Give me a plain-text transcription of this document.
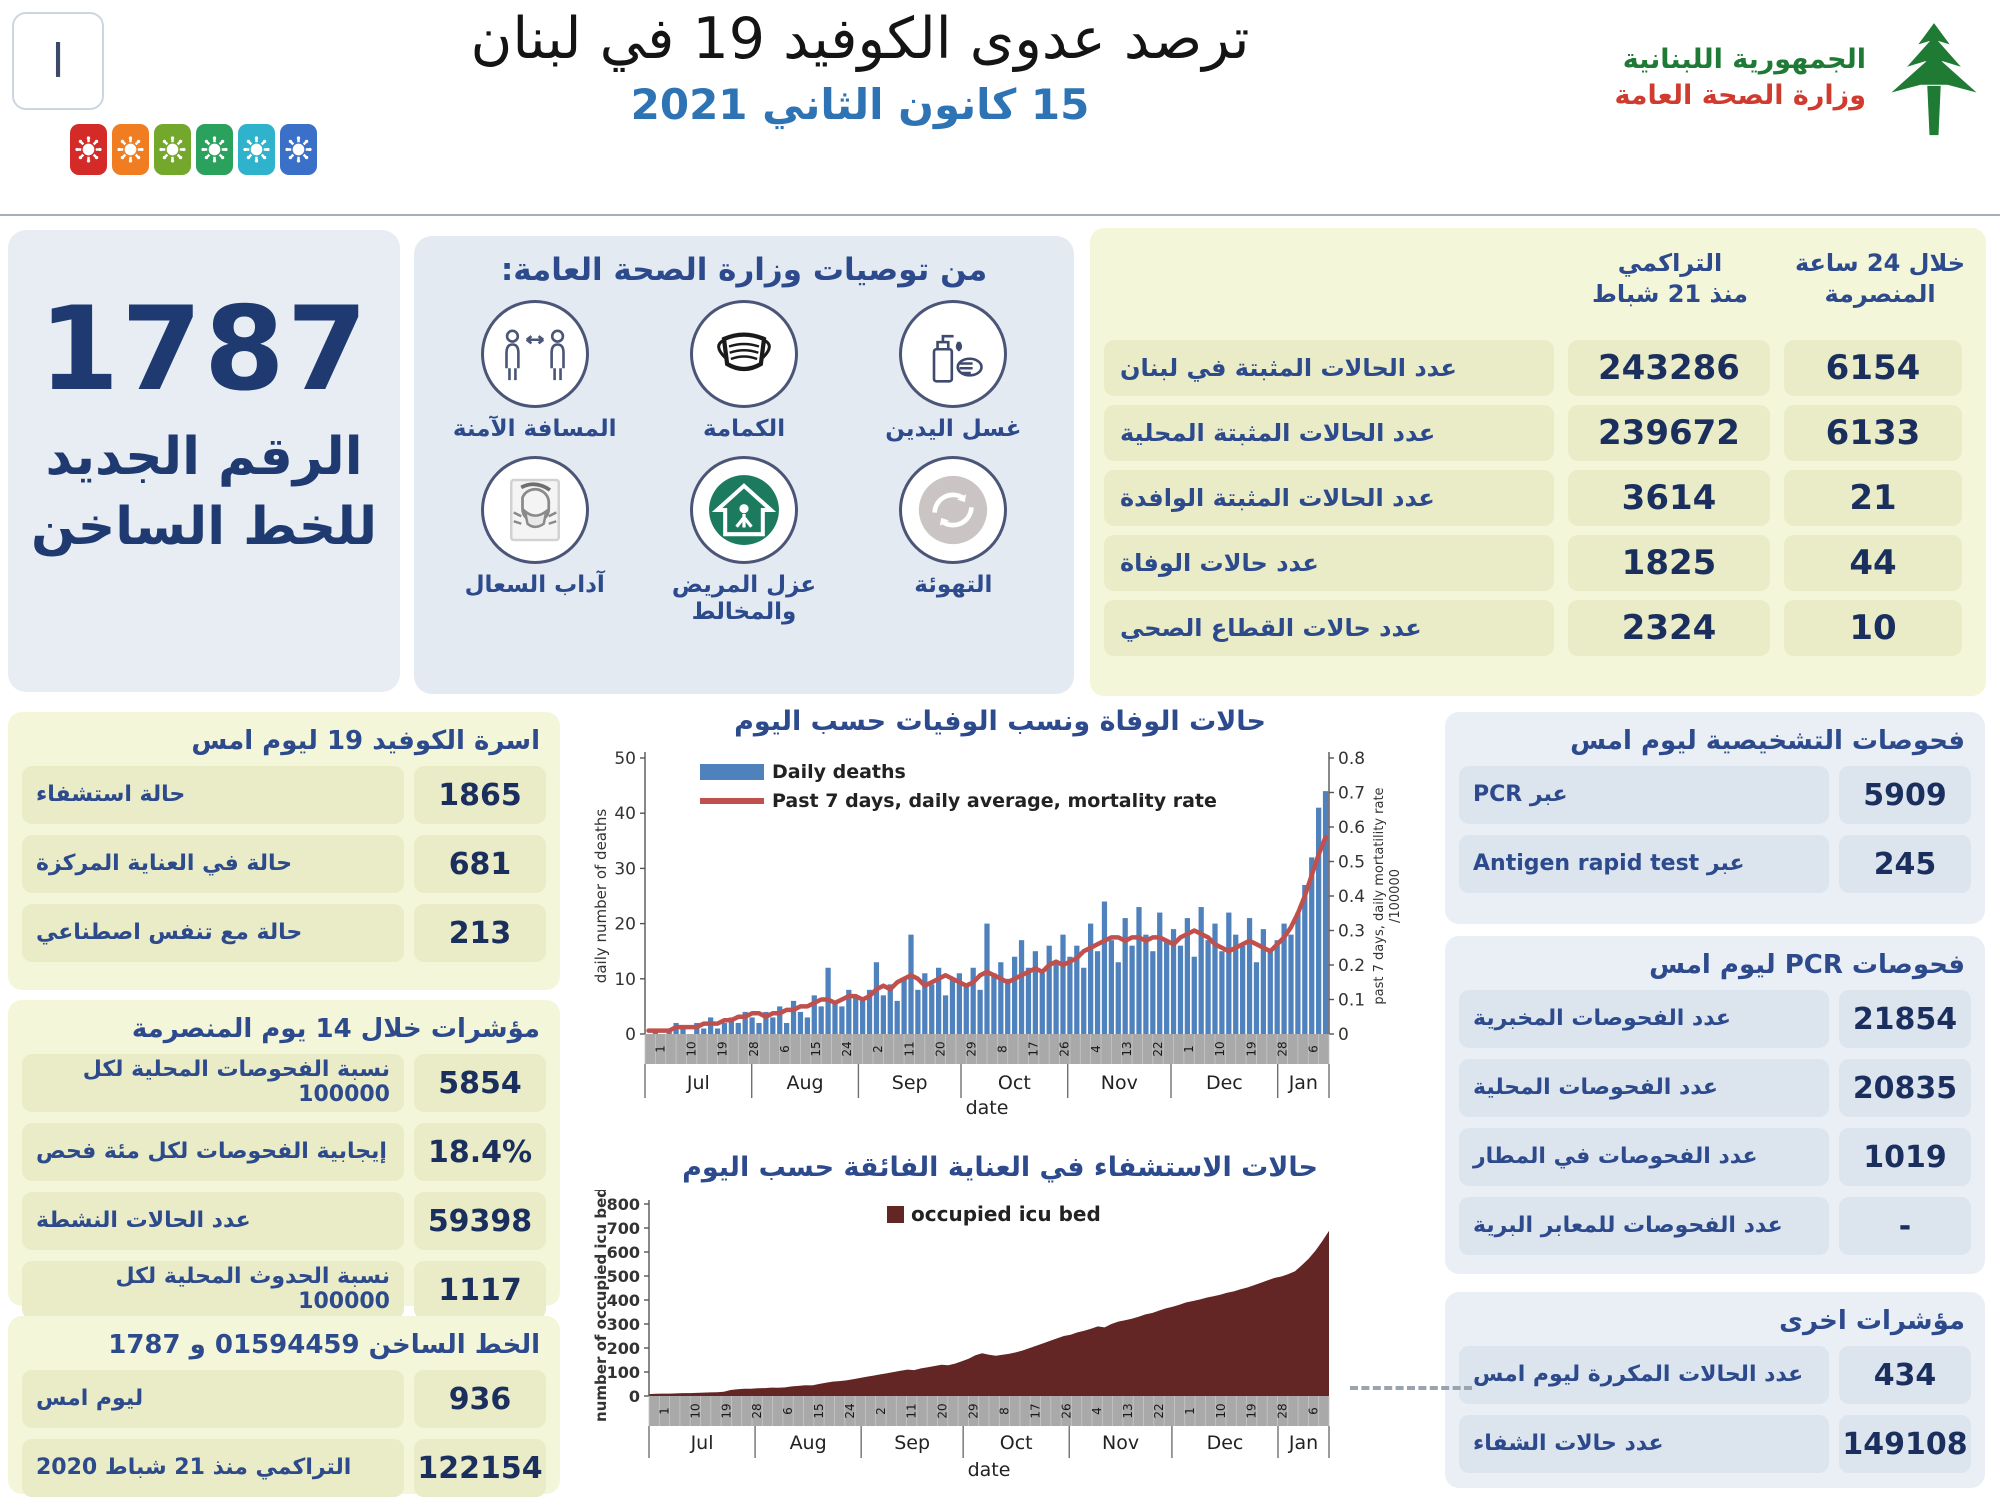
ا	ترصد عدوى الكوفيد 19 في لبنان
15 كانون الثاني 2021
الجمهورية اللبنانية
وزارة الصحة العامة
1787
الرقم الجديد
للخط الساخن
من توصيات وزارة الصحة العامة:
غسل اليدين
الكمامة
المسافة الآمنة
التهوئة
عزل المريض والمخالط
آداب السعال
التراكمي
منذ 21 شباط
خلال 24 ساعة
المنصرمة
عدد الحالات المثبتة في لبنان	243286	6154
عدد الحالات المثبتة المحلية	239672	6133
عدد الحالات المثبتة الوافدة	3614	21
عدد حالات الوفاة	1825	44
عدد حالات القطاع الصحي	2324	10
اسرة الكوفيد 19 ليوم امس
حالة استشفاء	1865
حالة في العناية المركزة	681
حالة مع تنفس اصطناعي	213
مؤشرات خلال 14 يوم المنصرمة
نسبة الفحوصات المحلية لكل 100000	5854
إيجابية الفحوصات لكل مئة فحص	18.4%
عدد الحالات النشطة	59398
نسبة الحدوث المحلية لكل 100000	1117
الخط الساخن 01594459 و 1787
ليوم امس	936
التراكمي منذ 21 شباط 2020	122154
حالات الوفاة ونسب الوفيات حسب اليوم
0
10
20
30
40
50
0
0.1
0.2
0.3
0.4
0.5
0.6
0.7
0.8
1 10 19 28 6 15 24 2 11 20 29 8 17 26 4 13 22 1 10 19 28 6
Jul	Aug	Sep	Oct	Nov	Dec Jan
date
daily number of deaths	past 7 days, daily mortatility rate /100000
Daily deaths
Past 7 days, daily average, mortality rate
حالات الاستشفاء في العناية الفائقة حسب اليوم
0
100
200
300
400
500
600
700
800
1 10 19 28 6 15 24 2 11 20 29 8 17 26 4 13 22 1 10 19 28 6
Jul	Aug	Sep	Oct	Nov	Dec Jan
date
number of occupied icu beds	occupied icu bed
فحوصات التشخيصية ليوم امس
عبر PCR	5909
عبر Antigen rapid test	245
فحوصات PCR ليوم امس
عدد الفحوصات المخبرية	21854
عدد الفحوصات المحلية	20835
عدد الفحوصات في المطار	1019
عدد الفحوصات للمعابر البرية	-
مؤشرات اخرى
عدد الحالات المكررة ليوم امس	434
عدد حالات الشفاء	149108
